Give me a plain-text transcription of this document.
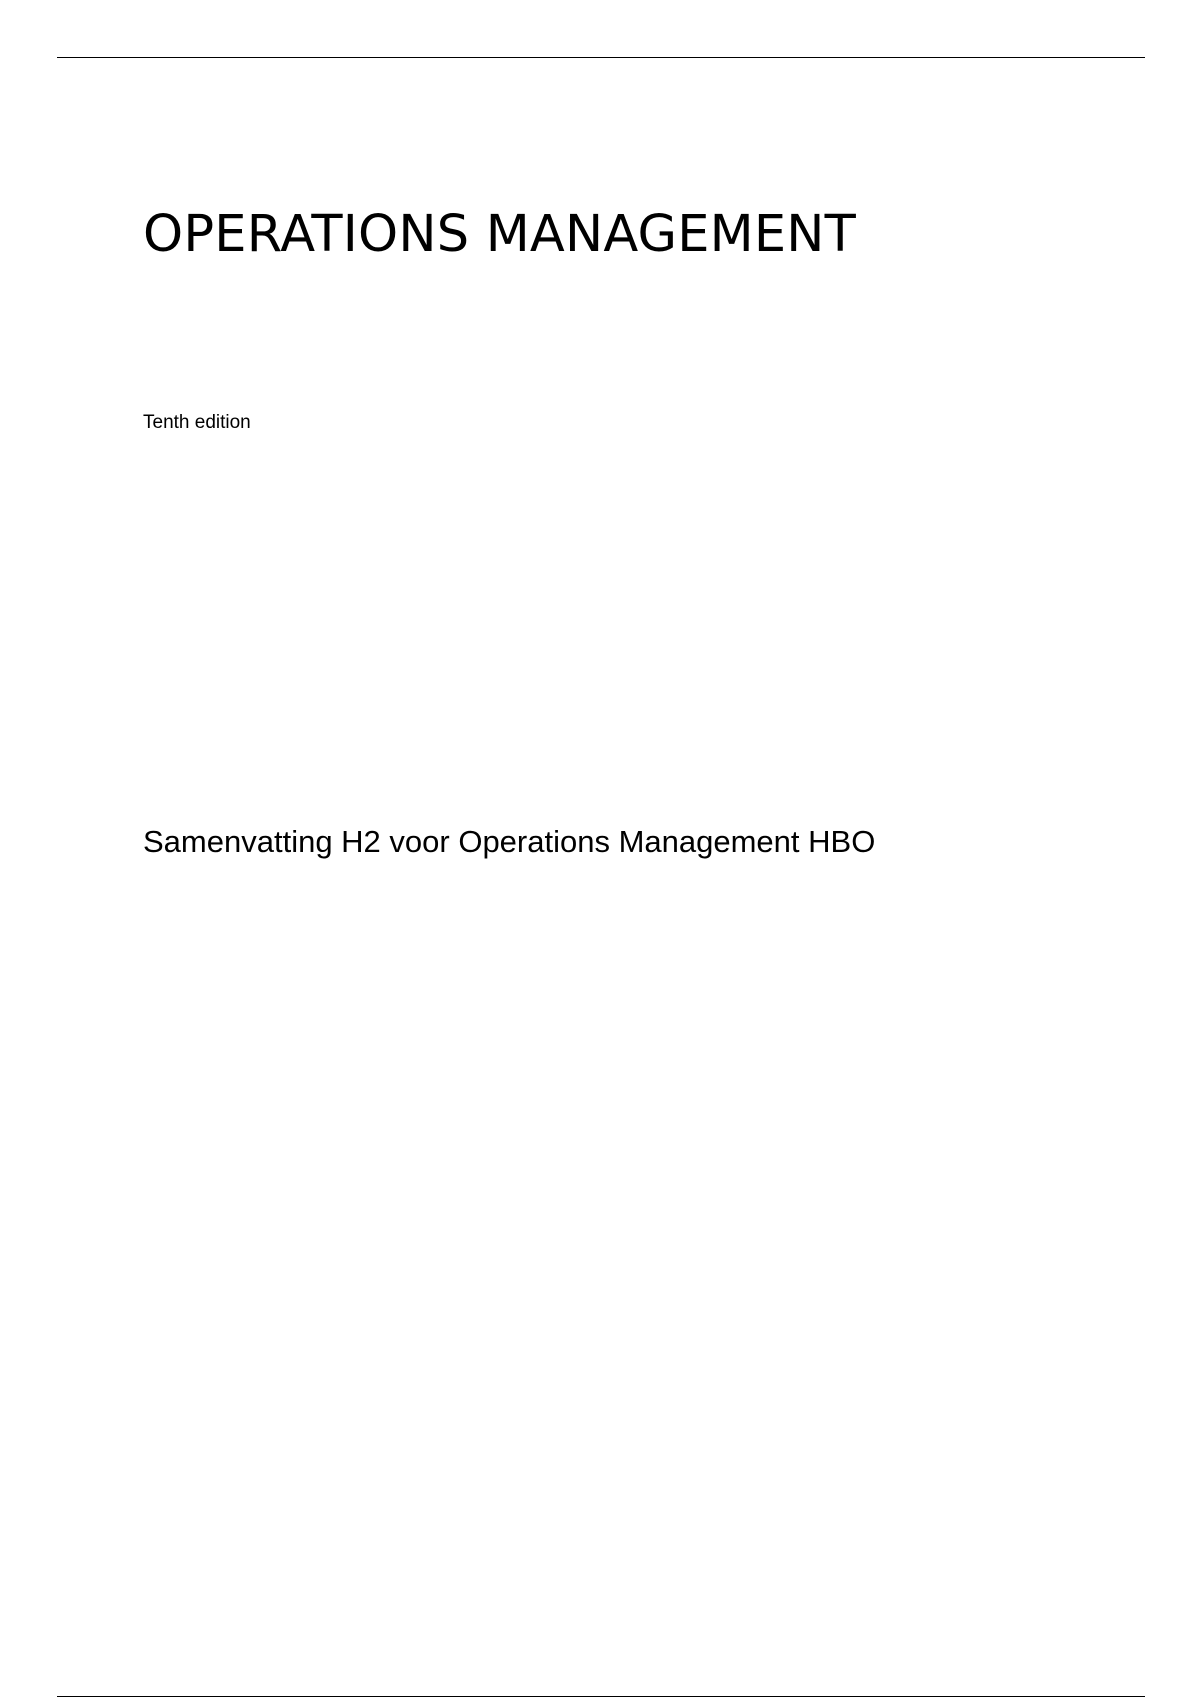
OPERATIONS MANAGEMENT

Tenth edition

Samenvatting H2 voor Operations Management HBO
